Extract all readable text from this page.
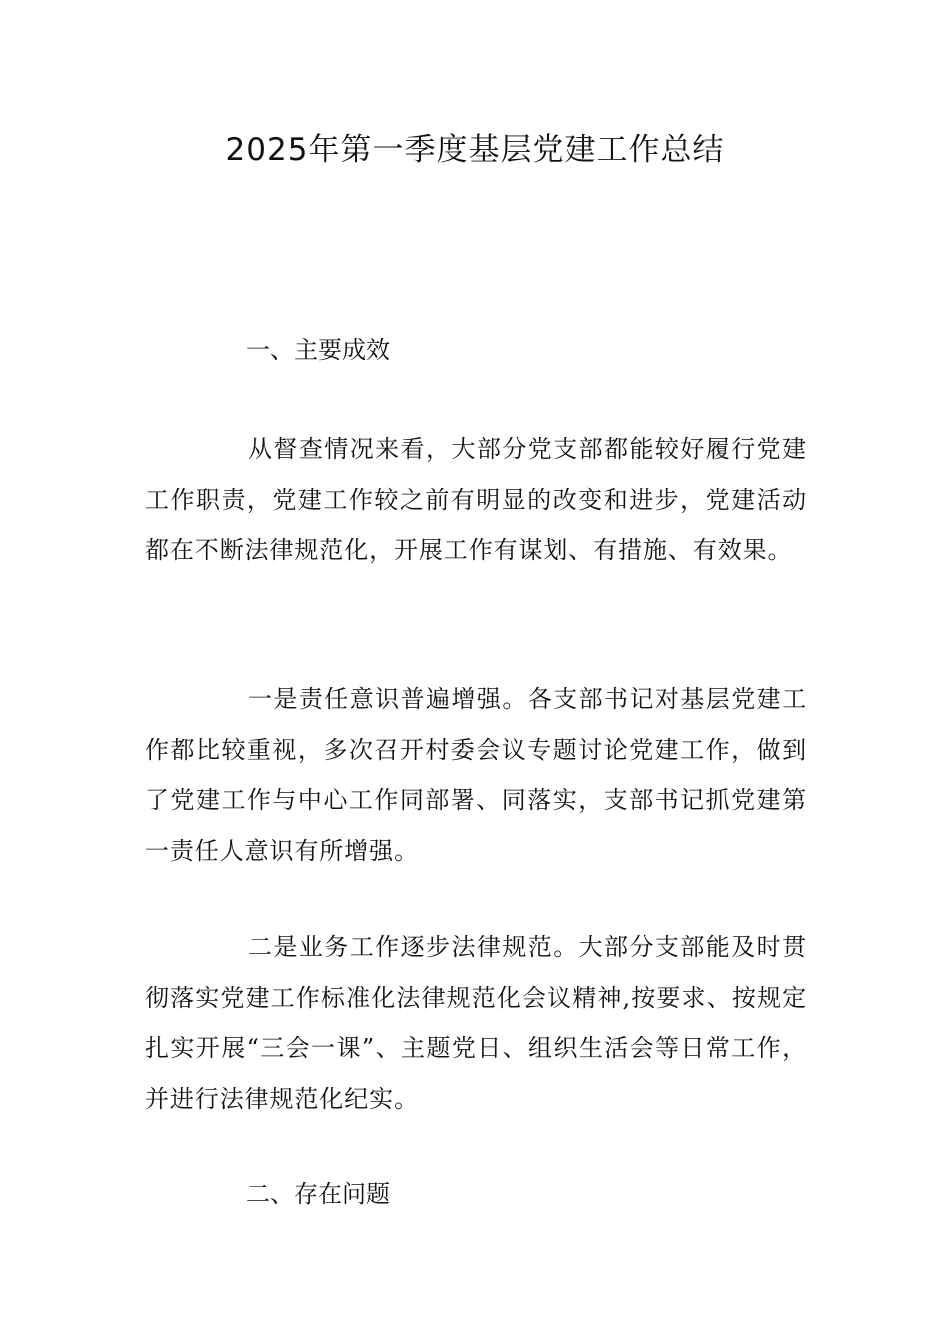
2025年第一季度基层党建工作总结
一、主要成效

从督查情况来看，大部分党支部都能较好履行党建工作职责，党建工作较之前有明显的改变和进步，党建活动都在不断法律规范化，开展工作有谋划、有措施、有效果。

一是责任意识普遍增强。各支部书记对基层党建工作都比较重视，多次召开村委会议专题讨论党建工作，做到了党建工作与中心工作同部署、同落实，支部书记抓党建第一责任人意识有所增强。

二是业务工作逐步法律规范。大部分支部能及时贯彻落实党建工作标准化法律规范化会议精神,按要求、按规定扎实开展“三会一课”、主题党日、组织生活会等日常工作，并进行法律规范化纪实。

二、存在问题
